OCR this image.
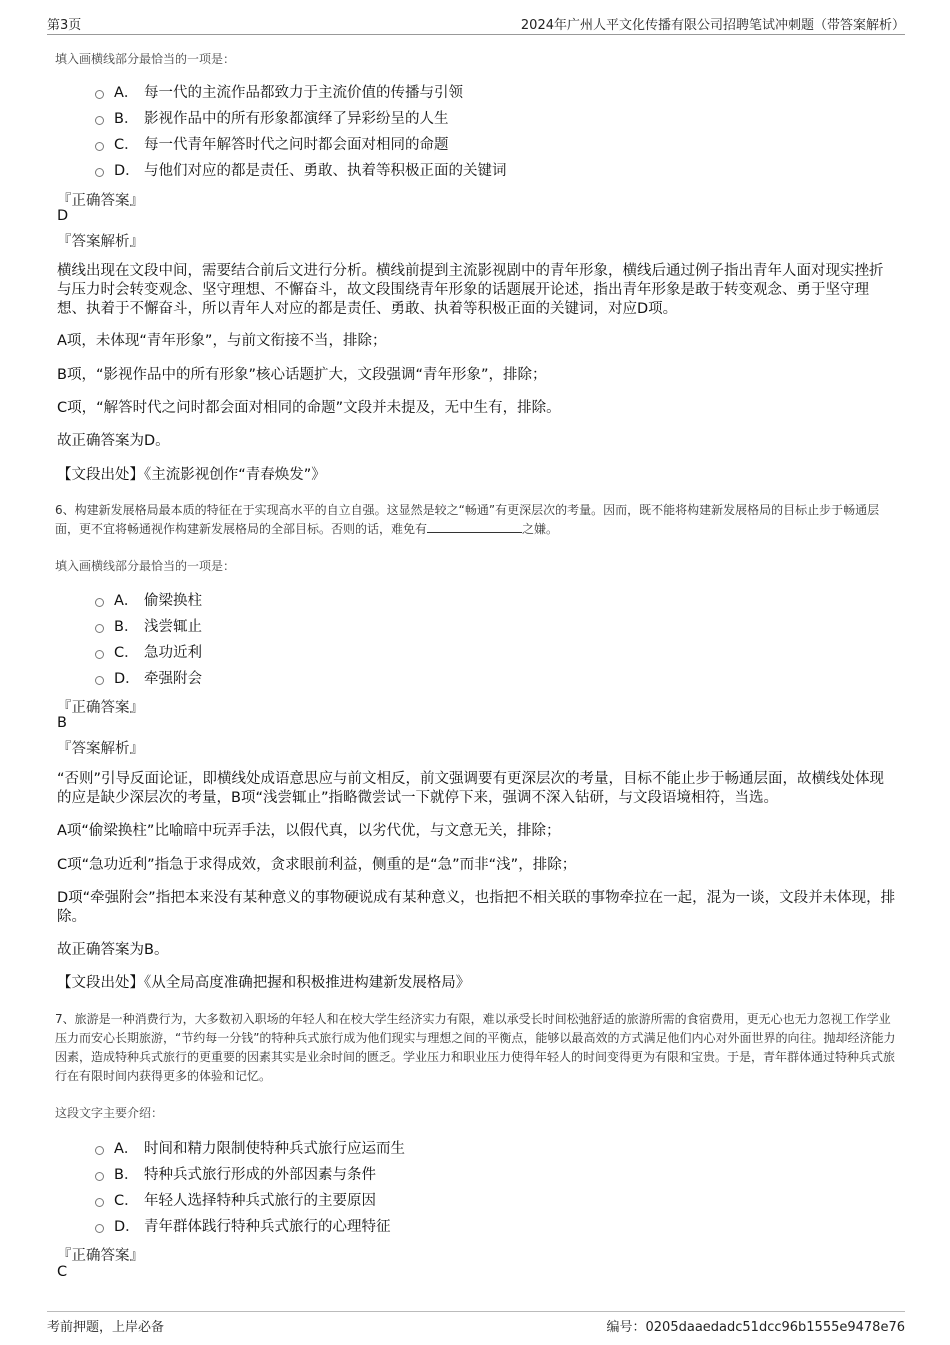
第3页	2024年广州人平文化传播有限公司招聘笔试冲刺题（带答案解析）
填入画横线部分最恰当的一项是：
A． 每一代的主流作品都致力于主流价值的传播与引领
B． 影视作品中的所有形象都演绎了异彩纷呈的人生
C． 每一代青年解答时代之问时都会面对相同的命题
D． 与他们对应的都是责任、勇敢、执着等积极正面的关键词
『正确答案』
D
『答案解析』
横线出现在文段中间，需要结合前后文进行分析。横线前提到主流影视剧中的青年形象，横线后通过例子指出青年人面对现实挫折与压力时会转变观念、坚守理想、不懈奋斗，故文段围绕青年形象的话题展开论述，指出青年形象是敢于转变观念、勇于坚守理想、执着于不懈奋斗，所以青年人对应的都是责任、勇敢、执着等积极正面的关键词，对应D项。
A项，未体现“青年形象”，与前文衔接不当，排除；
B项，“影视作品中的所有形象”核心话题扩大，文段强调“青年形象”，排除；
C项，“解答时代之问时都会面对相同的命题”文段并未提及，无中生有，排除。
故正确答案为D。
【文段出处】《主流影视创作“青春焕发”》
6、构建新发展格局最本质的特征在于实现高水平的自立自强。这显然是较之“畅通”有更深层次的考量。因而，既不能将构建新发展格局的目标止步于畅通层面，更不宜将畅通视作构建新发展格局的全部目标。否则的话，难免有	之嫌。
填入画横线部分最恰当的一项是：
A． 偷梁换柱
B． 浅尝辄止
C． 急功近利
D． 牵强附会
『正确答案』
B
『答案解析』
“否则”引导反面论证，即横线处成语意思应与前文相反，前文强调要有更深层次的考量，目标不能止步于畅通层面，故横线处体现的应是缺少深层次的考量，B项“浅尝辄止”指略微尝试一下就停下来，强调不深入钻研，与文段语境相符，当选。
A项“偷梁换柱”比喻暗中玩弄手法，以假代真，以劣代优，与文意无关，排除；
C项“急功近利”指急于求得成效，贪求眼前利益，侧重的是“急”而非“浅”，排除；
D项“牵强附会”指把本来没有某种意义的事物硬说成有某种意义，也指把不相关联的事物牵拉在一起，混为一谈，文段并未体现，排除。
故正确答案为B。
【文段出处】《从全局高度准确把握和积极推进构建新发展格局》
7、旅游是一种消费行为，大多数初入职场的年轻人和在校大学生经济实力有限，难以承受长时间松弛舒适的旅游所需的食宿费用，更无心也无力忽视工作学业压力而安心长期旅游，“节约每一分钱”的特种兵式旅行成为他们现实与理想之间的平衡点，能够以最高效的方式满足他们内心对外面世界的向往。抛却经济能力因素，造成特种兵式旅行的更重要的因素其实是业余时间的匮乏。学业压力和职业压力使得年轻人的时间变得更为有限和宝贵。于是，青年群体通过特种兵式旅行在有限时间内获得更多的体验和记忆。
这段文字主要介绍：
A． 时间和精力限制使特种兵式旅行应运而生
B． 特种兵式旅行形成的外部因素与条件
C． 年轻人选择特种兵式旅行的主要原因
D． 青年群体践行特种兵式旅行的心理特征
『正确答案』
C
考前押题，上岸必备	编号：0205daaedadc51dcc96b1555e9478e76
